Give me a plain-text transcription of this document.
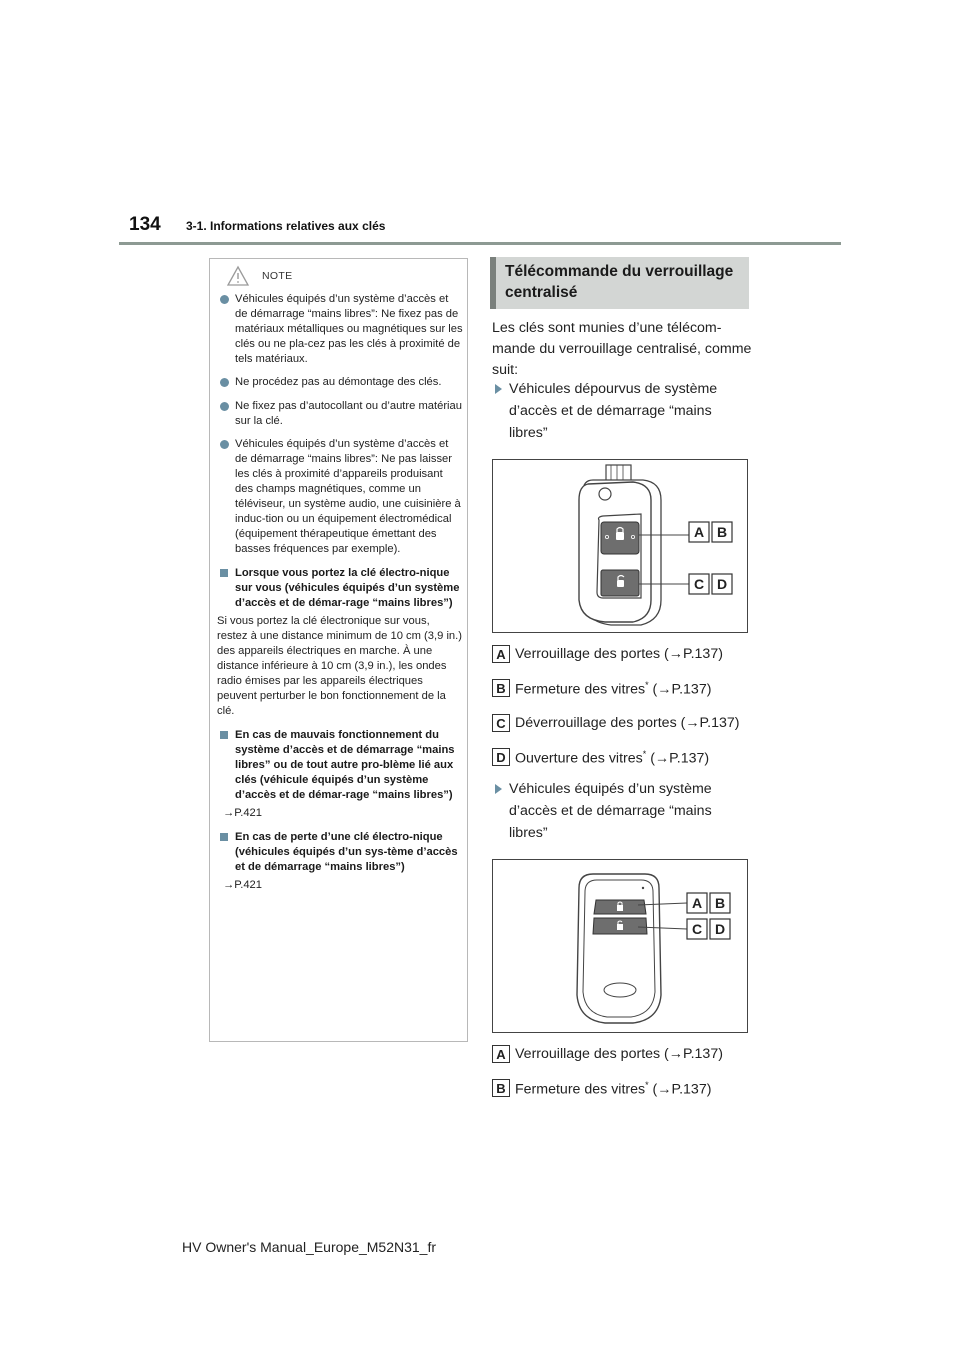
134 3-1. Informations relatives aux clés
NOTE
Véhicules équipés d’un système d’accès et de démarrage “mains libres”: Ne fixez pas de matériaux métalliques ou magnétiques sur les clés ou ne pla-cez pas les clés à proximité de tels matériaux.
Ne procédez pas au démontage des clés.
Ne fixez pas d’autocollant ou d’autre matériau sur la clé.
Véhicules équipés d’un système d’accès et de démarrage “mains libres”: Ne pas laisser les clés à proximité d’appareils produisant des champs magnétiques, comme un téléviseur, un système audio, une cuisinière à induc-tion ou un équipement électromédical (équipement thérapeutique émettant des basses fréquences par exemple).
Lorsque vous portez la clé électro-nique sur vous (véhicules équipés d’un système d’accès et de démar-rage “mains libres”)
Si vous portez la clé électronique sur vous, restez à une distance minimum de 10 cm (3,9 in.) des appareils électriques en marche. À une distance inférieure à 10 cm (3,9 in.), les ondes radio émises par les appareils électriques peuvent perturber le bon fonctionnement de la clé.
En cas de mauvais fonctionnement du système d’accès et de démarrage “mains libres” ou de tout autre pro-blème lié aux clés (véhicule équipés d’un système d’accès et de démar-rage “mains libres”)
→P.421
En cas de perte d’une clé électro-nique (véhicules équipés d’un sys-tème d’accès et de démarrage “mains libres”)
→P.421
Télécommande du verrouillage centralisé
Les clés sont munies d’une télécom-mande du verrouillage centralisé, comme suit:
Véhicules dépourvus de système d’accès et de démarrage “mains libres”
A B
C D
A Verrouillage des portes (→P.137)
B Fermeture des vitres* (→P.137)
C Déverrouillage des portes (→P.137)
D Ouverture des vitres* (→P.137)
Véhicules équipés d’un système d’accès et de démarrage “mains libres”
A B
C D
A Verrouillage des portes (→P.137)
B Fermeture des vitres* (→P.137)
HV Owner's Manual_Europe_M52N31_fr
